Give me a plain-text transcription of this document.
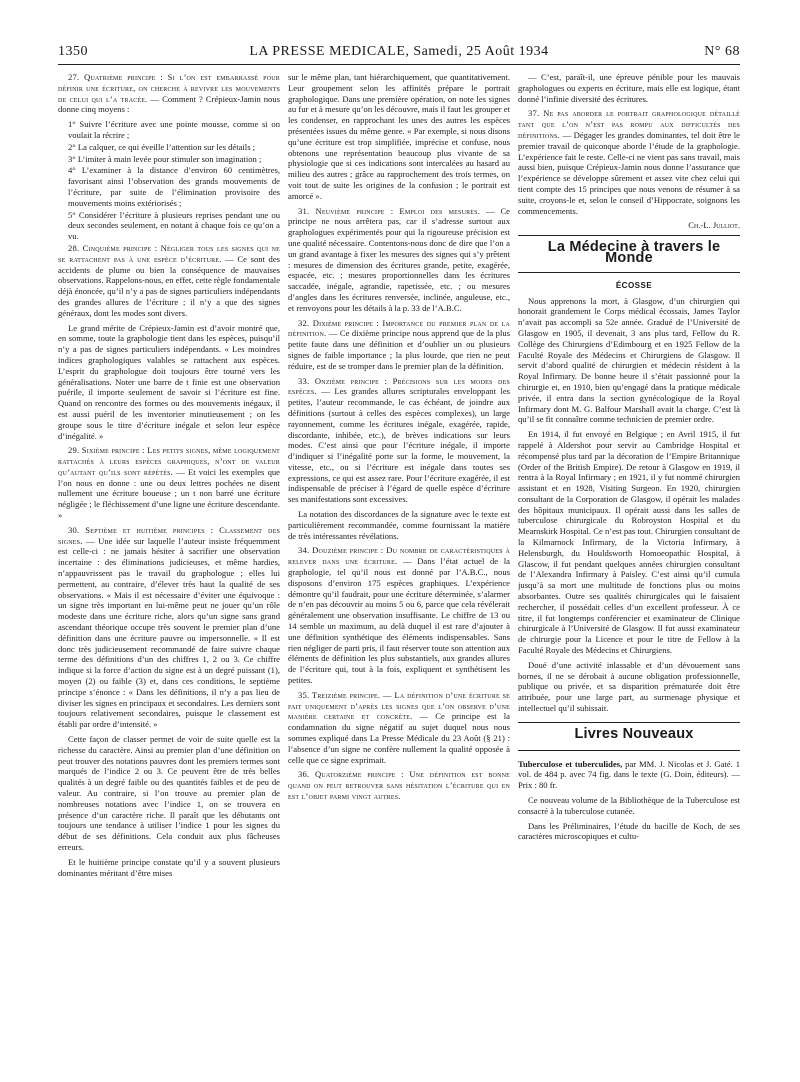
1350	LA PRESSE MEDICALE, Samedi, 25 Août 1934	N° 68

27. Quatrième principe : Si l’on est embarrassé pour définir une écriture, on cherche à revivre les mouvements de celui qui l’a tracée. — Comment ? Crépieux-Jamin nous donne cinq moyens :

1° Suivre l’écriture avec une pointe mousse, comme si on voulait la récrire ;

2° La calquer, ce qui éveille l’attention sur les détails ;

3° L’imiter à main levée pour stimuler son imagination ;

4° L’examiner à la distance d’environ 60 centimètres, favorisant ainsi l’observation des grands mouvements de l’écriture, par suite de l’élimination provisoire des mouvements moins extériorisés ;

5° Considérer l’écriture à plusieurs reprises pendant une ou deux secondes seulement, en notant à chaque fois ce qu’on a vu.

28. Cinquième principe : Négliger tous les signes qui ne se rattachent pas à une espèce d’écriture. — Ce sont des accidents de plume ou bien la conséquence de mauvaises observations. Rappelons-nous, en effet, cette règle fondamentale déjà énoncée, qu’il n’y a pas de signes particuliers indépendants des grandes allures de l’écriture ; il n’y a que des signes généraux, dont les modes sont divers.

Le grand mérite de Crépieux-Jamin est d’avoir montré que, en somme, toute la graphologie tient dans les espèces, puisqu’il n’y a pas de signes particuliers indépendants. « Les moindres indices graphologiques valables se rattachent aux espèces. L’esprit du graphologue doit toujours être tourné vers les généralisations. Noter une barre de t finie est une observation puérile, il importe seulement de savoir si l’écriture est fine. Quand on rencontre des formes ou des mouvements inégaux, il est aussi puéril de les inventorier minutieusement ; on les groupe sous le titre d’écriture inégale et selon leur espèce d’inégalité. »

29. Sixième principe : Les petits signes, même logiquement rattachés à leurs espèces graphiques, n’ont de valeur qu’autant qu’ils sont répétés. — Et voici les exemples que l’on nous en donne : une ou deux lettres pochées ne disent nullement une écriture boueuse ; un t non barré une écriture négligée ; le fléchissement d’une ligne une écriture descendante. »

30. Septième et huitième principes : Classement des signes. — Une idée sur laquelle l’auteur insiste fréquemment est celle-ci : ne jamais hésiter à sacrifier une observation incertaine : des éliminations judicieuses, et même hardies, n’appauvrissent pas le travail du graphologue ; elles lui permettent, au contraire, d’élever très haut la qualité de ses observations. « Mais il est nécessaire d’éviter une équivoque : un signe très important en lui-même peut ne jouer qu’un rôle modeste dans une écriture riche, alors qu’un signe sans grand ascendant théorique occupe très souvent le premier plan d’une définition dans une écriture pauvre ou impersonnelle. » Il est donc très judicieusement recommandé de faire suivre chaque terme des définitions d’un des chiffres 1, 2 ou 3. Ce chiffre indique si la force d’action du signe est à un degré puissant (1), moyen (2) ou faible (3) et, dans ces conditions, le septième principe s’énonce : « Dans les définitions, il n’y a pas lieu de diviser les signes en principaux et secondaires. Les derniers sont toujours relativement secondaires, puisque le classement est établi par ordre d’intensité. »

Cette façon de classer permet de voir de suite quelle est la richesse du caractère. Ainsi au premier plan d’une définition on peut trouver des notations pauvres dont les premiers termes sont marqués de l’indice 2 ou 3. Ce peuvent être de très belles qualités à un degré faible ou des quantités faibles et de peu de valeur. Au contraire, si l’on trouve au premier plan de nombreuses notations avec l’indice 1, on se trouvera en présence d’un caractère riche. Il paraît que les débutants ont toujours une tendance à utiliser l’indice 1 pour les signes du début de ses définitions. Cela conduit aux plus fâcheuses erreurs.

Et le huitième principe constate qu’il y a souvent plusieurs dominantes méritant d’être mises

sur le même plan, tant hiérarchiquement, que quantitativement. Leur groupement selon les affinités prépare le portrait graphologique. Dans une première opération, on note les signes au fur et à mesure qu’on les découvre, mais il faut les grouper et les condenser, en rapprochant les unes des autres les espèces présentées issues du même genre. « Par exemple, si nous disons qu’une écriture est trop simplifiée, imprécise et confuse, nous obtenons une représentation beaucoup plus vivante de sa physiologie que si ces indications sont intercalées au hasard au milieu des autres ; grâce au rapprochement des trois termes, on voit tout de suite les origines de la confusion ; le portrait est amorcé ».

31. Neuvième principe : Emploi des mesures. — Ce principe ne nous arrêtera pas, car il s’adresse surtout aux graphologues expérimentés pour qui la rigoureuse précision est une qualité nécessaire. Contentons-nous donc de dire que l’on a un grand avantage à fixer les mesures des signes qui s’y prêtent : mesures de dimension des écritures grande, petite, exagérée, espacée, etc. ; mesures proportionnelles dans les écritures saccadée, inégale, agrandie, rapetissée, etc. ; ou mesures d’angles dans les écritures renversée, inclinée, anguleuse, etc., et renvoyons pour les détails à la p. 33 de l’A.B.C.

32. Dixième principe : Importance du premier plan de la définition. — Ce dixième principe nous apprend que de la plus petite faute dans une définition et d’oublier un ou plusieurs signes de faible importance ; la plus lourde, que rien ne peut réduire, est de se tromper dans le premier plan de la définition.

33. Onzième principe : Précisions sur les modes des espèces. — Les grandes allures scripturales enveloppant les petites, l’auteur recommande, le cas échéant, de joindre aux définitions (surtout à celles des espèces complexes), un large rayonnement, comme les écritures inégale, exagérée, rapide, discordante, inhibée, etc.), de brèves indications sur leurs modes. C’est ainsi que pour l’écriture inégale, il importe d’indiquer si l’inégalité porte sur la forme, le mouvement, la vitesse, etc., ou si l’écriture est inégale dans toutes ses expressions, ce qui est assez rare. Pour l’écriture exagérée, il est indispensable de préciser à l’égard de quelle espèce d’écriture ses manifestations sont excessives.

La notation des discordances de la signature avec le texte est particulièrement recommandée, comme fournissant la matière de très intéressantes révélations.

34. Douzième principe : Du nombre de caractéristiques à relever dans une écriture. — Dans l’état actuel de la graphologie, tel qu’il nous est donné par l’A.B.C., nous disposons d’environ 175 espèces graphiques. L’expérience démontre qu’il faudrait, pour une écriture déterminée, s’alarmer de n’en pas découvrir au moins 5 ou 6, parce que cela révélerait généralement une observation insuffisante. Le chiffre de 13 ou 14 semble un maximum, au delà duquel il est rare d’ajouter à une définition synthétique des éléments indispensables. Sans rien négliger de parti pris, il faut réserver toute son attention aux éléments de définition les plus substantiels, aux grandes allures de l’écriture qui, tout à la fois, expliquent et synthétisent les petites.

35. Treizième principe. — La définition d’une écriture se fait uniquement d’après les signes que l’on observe d’une manière certaine et concrète. — Ce principe est la condamnation du signe négatif au sujet duquel nous nous sommes expliqué dans La Presse Médicale du 23 Août (§ 21) : l’absence d’un signe ne confère nullement la qualité opposée à celle que ce signe exprimait.

36. Quatorzième principe : Une définition est bonne quand on peut retrouver sans hésitation l’écriture qui en est l’objet parmi vingt autres.

— C’est, paraît-il, une épreuve pénible pour les mauvais graphologues ou experts en écriture, mais elle est logique, étant donné l’infinie diversité des écritures.

37. Ne pas aborder le portrait graphologique détaillé tant que l’on n’est pas rompu aux difficultés des définitions. — Dégager les grandes dominantes, tel doit être le premier travail de quiconque aborde l’étude de la graphologie. L’expérience fait le reste. Celle-ci ne vient pas sans travail, mais aussi bien, puisque Crépieux-Jamin nous donne l’assurance que l’expérience se développe sûrement et assez vite chez celui qui tient compte des 15 principes que nous venons de résumer à sa suite, croyons-le et, selon le conseil d’Hippocrate, soignons les commencements.

Ch.-L. Julliot.

La Médecine à travers le Monde

ÉCOSSE

Nous apprenons la mort, à Glasgow, d’un chirurgien qui honorait grandement le Corps médical écossais, James Taylor n’avait pas accompli sa 52e année. Gradué de l’Université de Glasgow en 1905, il devenait, 3 ans plus tard, Fellow du R. Collège des Chirurgiens d’Edimbourg et en 1925 Fellow de la Faculté Royale des Médecins et Chirurgiens de Glasgow. Il servit d’abord qualité de chirurgien et médecin résident à la Royal Infirmary. De bonne heure il s’était passionné pour la chirurgie et, en 1910, bien qu’engagé dans la pratique médicale privée, il entra dans la section gynécologique de la Royal Infirmary dont M. G. Balfour Marshall avait la charge. C’est là qu’il se fit connaître comme technicien de premier ordre.

En 1914, il fut envoyé en Belgique ; en Avril 1915, il fut rappelé à Aldershot pour servir au Cambridge Hospital et récompensé plus tard par la décoration de l’Empire Britannique (Order of the British Empire). De retour à Glasgow en 1919, il rentra à la Royal Infirmary ; en 1921, il y fut nommé chirurgien assistant et en 1928, Visiting Surgeon. En 1920, chirurgien consultant de la Corporation de Glasgow, il opérait les malades des hôpitaux municipaux. Il opérait aussi dans les salles de tuberculose chirurgicale du Robroyston Hospital et du Mearnskirk Hospital. Ce n’est pas tout. Chirurgien consultant de la Kilmarnock Infirmary, de la Victoria Infirmary, à Helensburgh, du Houldsworth Homoeopathic Hospital, à Glascow, il fut pendant quelques années chirurgien consultant de l’Alexandra Infirmary à Paisley. C’est ainsi qu’il cumula jusqu’à sa mort une multitude de fonctions plus ou moins absorbantes. Outre ses qualités chirurgicales qui le faisaient rechercher, il possédait celles d’un excellent professeur. À ce titre, il fut longtemps conférencier et examinateur de Clinique chirurgicale à l’Université de Glasgow. Il fut aussi examinateur de chirurgie pour la Licence et pour le titre de Fellow à la Faculté Royale des Médecins et Chirurgiens.

Doué d’une activité inlassable et d’un dévouement sans bornes, il ne se dérobait à aucune obligation professionnelle, publique ou privée, et sa disparition prématurée doit être attribuée, pour une large part, au surmenage physique et intellectuel qu’il subissait.

Livres Nouveaux

Tuberculose et tuberculides, par MM. J. Nicolas et J. Gaté. 1 vol. de 484 p. avec 74 fig. dans le texte (G. Doin, éditeurs). — Prix : 80 fr.

Ce nouveau volume de la Bibliothèque de la Tuberculose est consacré à la tuberculose cutanée.

Dans les Préliminaires, l’étude du bacille de Koch, de ses caractères microscopiques et cultu-
